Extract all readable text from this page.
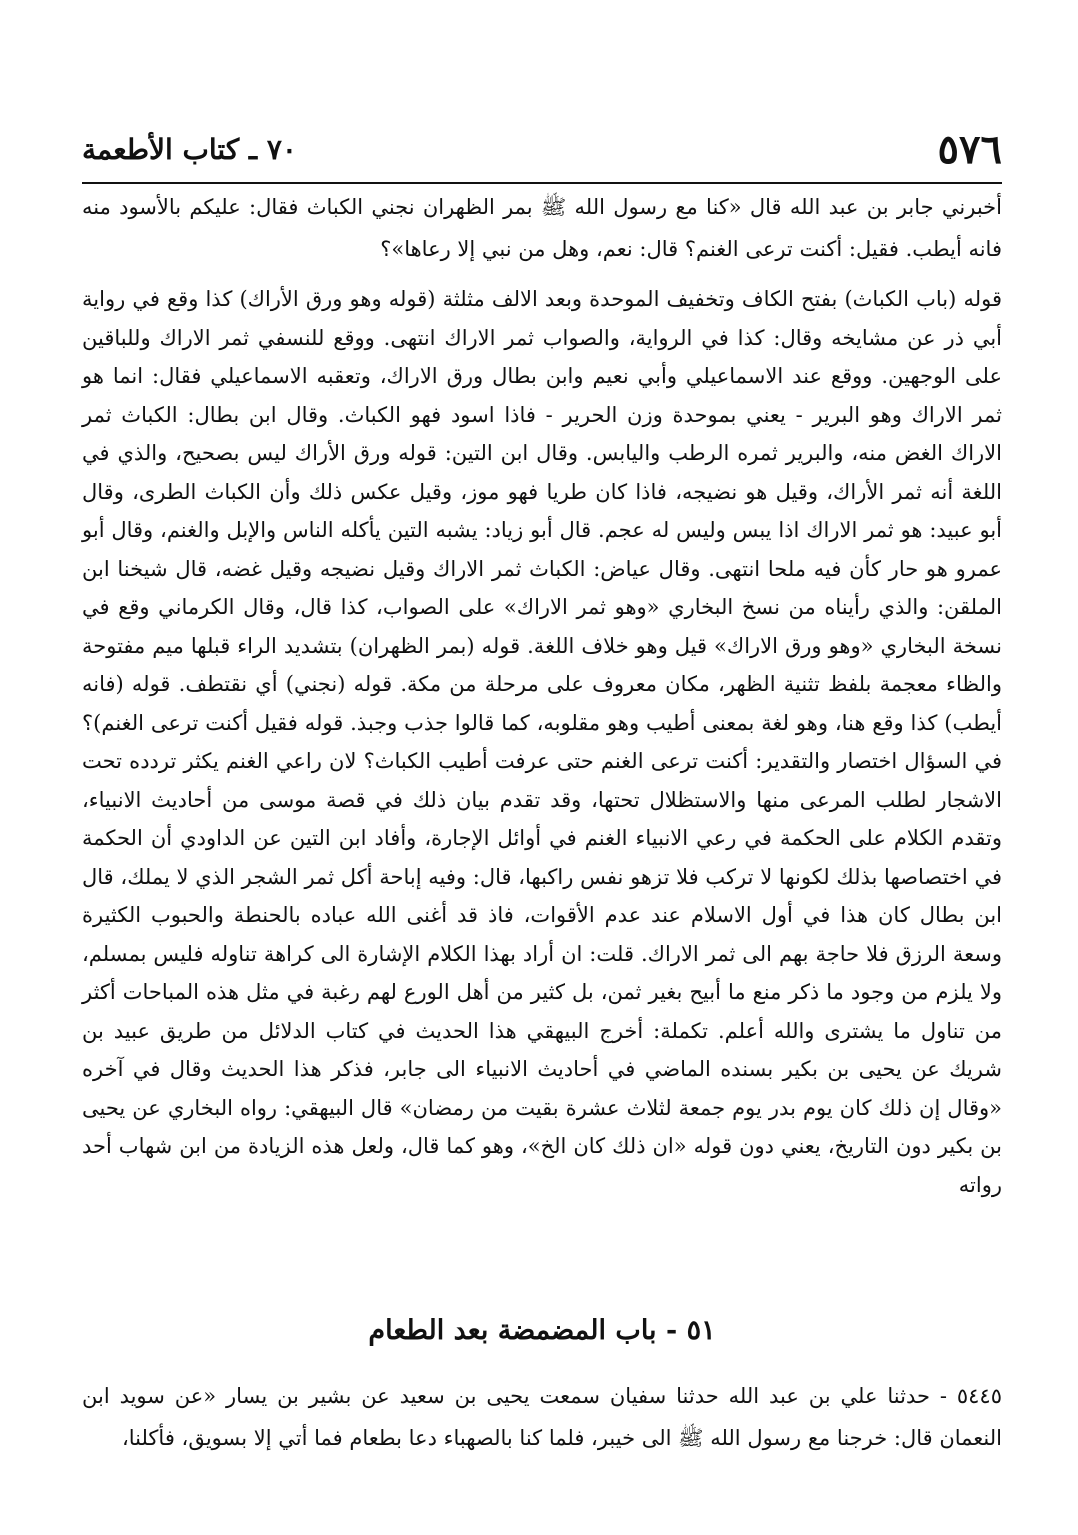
٥٧٦
٧٠ ـ كتاب الأطعمة
أخبرني جابر بن عبد الله قال «كنا مع رسول الله ﷺ بمر الظهران نجني الكباث فقال: عليكم بالأسود منه فانه أيطب. فقيل: أكنت ترعى الغنم؟ قال: نعم، وهل من نبي إلا رعاها»؟
قوله (باب الكباث) بفتح الكاف وتخفيف الموحدة وبعد الالف مثلثة (قوله وهو ورق الأراك) كذا وقع في رواية أبي ذر عن مشايخه وقال: كذا في الرواية، والصواب ثمر الاراك انتهى. ووقع للنسفي ثمر الاراك وللباقين على الوجهين. ووقع عند الاسماعيلي وأبي نعيم وابن بطال ورق الاراك، وتعقبه الاسماعيلي فقال: انما هو ثمر الاراك وهو البرير - يعني بموحدة وزن الحرير - فاذا اسود فهو الكباث. وقال ابن بطال: الكباث ثمر الاراك الغض منه، والبرير ثمره الرطب واليابس. وقال ابن التين: قوله ورق الأراك ليس بصحيح، والذي في اللغة أنه ثمر الأراك، وقيل هو نضيجه، فاذا كان طريا فهو موز، وقيل عكس ذلك وأن الكباث الطرى، وقال أبو عبيد: هو ثمر الاراك اذا يبس وليس له عجم. قال أبو زياد: يشبه التين يأكله الناس والإبل والغنم، وقال أبو عمرو هو حار كأن فيه ملحا انتهى. وقال عياض: الكباث ثمر الاراك وقيل نضيجه وقيل غضه، قال شيخنا ابن الملقن: والذي رأيناه من نسخ البخاري «وهو ثمر الاراك» على الصواب، كذا قال، وقال الكرماني وقع في نسخة البخاري «وهو ورق الاراك» قيل وهو خلاف اللغة. قوله (بمر الظهران) بتشديد الراء قبلها ميم مفتوحة والظاء معجمة بلفظ تثنية الظهر، مكان معروف على مرحلة من مكة. قوله (نجني) أي نقتطف. قوله (فانه أيطب) كذا وقع هنا، وهو لغة بمعنى أطيب وهو مقلوبه، كما قالوا جذب وجبذ. قوله فقيل أكنت ترعى الغنم)؟ في السؤال اختصار والتقدير: أكنت ترعى الغنم حتى عرفت أطيب الكباث؟ لان راعي الغنم يكثر تردده تحت الاشجار لطلب المرعى منها والاستظلال تحتها، وقد تقدم بيان ذلك في قصة موسى من أحاديث الانبياء، وتقدم الكلام على الحكمة في رعي الانبياء الغنم في أوائل الإجارة، وأفاد ابن التين عن الداودي أن الحكمة في اختصاصها بذلك لكونها لا تركب فلا تزهو نفس راكبها، قال: وفيه إباحة أكل ثمر الشجر الذي لا يملك، قال ابن بطال كان هذا في أول الاسلام عند عدم الأقوات، فاذ قد أغنى الله عباده بالحنطة والحبوب الكثيرة وسعة الرزق فلا حاجة بهم الى ثمر الاراك. قلت: ان أراد بهذا الكلام الإشارة الى كراهة تناوله فليس بمسلم، ولا يلزم من وجود ما ذكر منع ما أبيح بغير ثمن، بل كثير من أهل الورع لهم رغبة في مثل هذه المباحات أكثر من تناول ما يشترى والله أعلم. تكملة: أخرج البيهقي هذا الحديث في كتاب الدلائل من طريق عبيد بن شريك عن يحيى بن بكير بسنده الماضي في أحاديث الانبياء الى جابر، فذكر هذا الحديث وقال في آخره «وقال إن ذلك كان يوم بدر يوم جمعة لثلاث عشرة بقيت من رمضان» قال البيهقي: رواه البخاري عن يحيى بن بكير دون التاريخ، يعني دون قوله «ان ذلك كان الخ»، وهو كما قال، ولعل هذه الزيادة من ابن شهاب أحد رواته
٥١ - باب المضمضة بعد الطعام
٥٤٤٥ - حدثنا علي بن عبد الله حدثنا سفيان سمعت يحيى بن سعيد عن بشير بن يسار «عن سويد ابن النعمان قال: خرجنا مع رسول الله ﷺ الى خيبر، فلما كنا بالصهباء دعا بطعام فما أتي إلا بسويق، فأكلنا،
